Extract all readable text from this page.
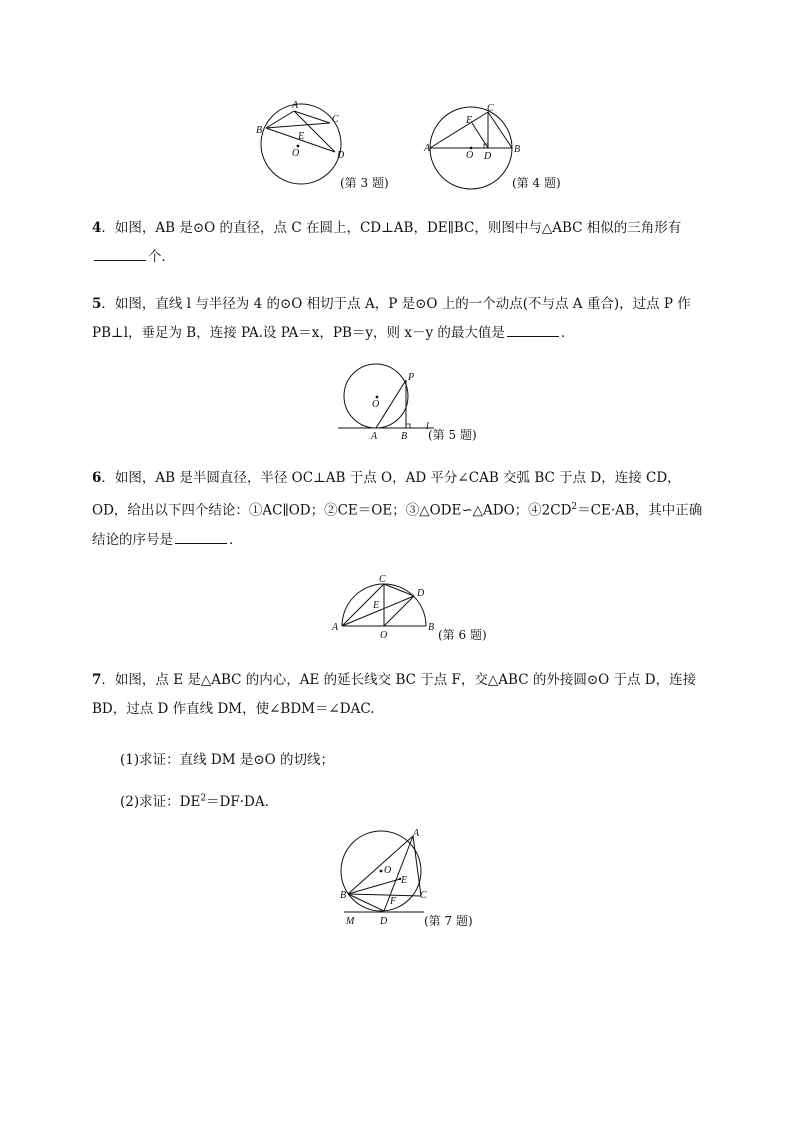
A
B
C
D
E
O
(第 3 题)
A	B
C
D
E
O
(第 4 题)
4．如图，AB 是⊙O 的直径，点 C 在圆上，CD⊥AB，DE∥BC，则图中与△ABC 相似的三角形有个．
5．如图，直线 l 与半径为 4 的⊙O 相切于点 A，P 是⊙O 上的一个动点(不与点 A 重合)，过点 P 作 PB⊥l，垂足为 B，连接 PA.设 PA＝x，PB＝y，则 x－y 的最大值是	．
O
P
A B
l
(第 5 题)
6．如图，AB 是半圆直径，半径 OC⊥AB 于点 O，AD 平分∠CAB 交弧 BC 于点 D，连接 CD，OD，给出以下四个结论：①AC∥OD；②CE＝OE；③△ODE∽△ADO；$④2CD^2=CE\cdot AB$，其中正确结论的序号是	．
C
D
E
A
O
B
(第 6 题)
7．如图，点 E 是△ABC 的内心，AE 的延长线交 BC 于点 F，交△ABC 的外接圆⊙O 于点 D，连接 BD，过点 D 作直线 DM，使∠BDM＝∠DAC.
(1)求证：直线 DM 是⊙O 的切线；
(2)求证：$DE^2=DF\cdot DA$.
A
O
E
B
F
C
M	D	(第 7 题)
